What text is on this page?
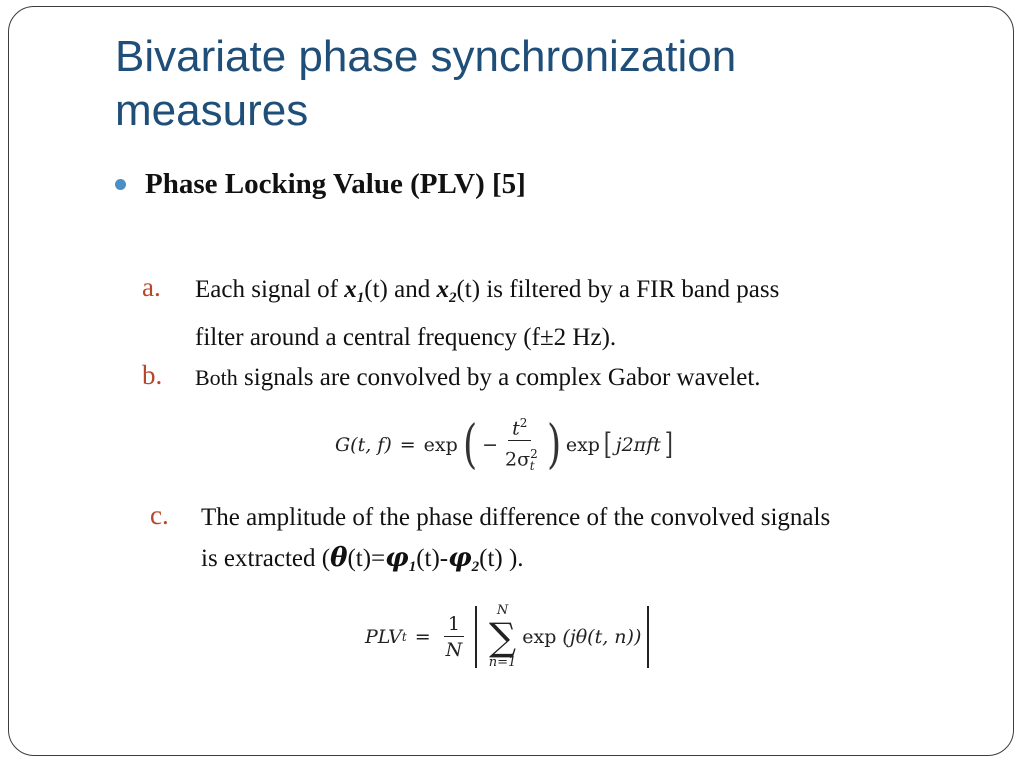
Bivariate phase synchronization measures
Phase Locking Value (PLV) [5]
a. Each signal of $x_1(t)$ and $x_2(t)$ is filtered by a FIR band pass
filter around a central frequency (f±2 Hz).
b. Both signals are convolved by a complex Gabor wavelet.
G(t, f) = exp ( − $\frac{t^2}{2\sigma^2_t}$ ) exp [ j2πft ]
c. The amplitude of the phase difference of the convolved signals
is extracted ($\theta(t)=\varphi_1(t)-\varphi_2(t)$ ).
PLV $t = \frac{1}{N}$
N
∑
n=1
exp (jθ(t, n))
